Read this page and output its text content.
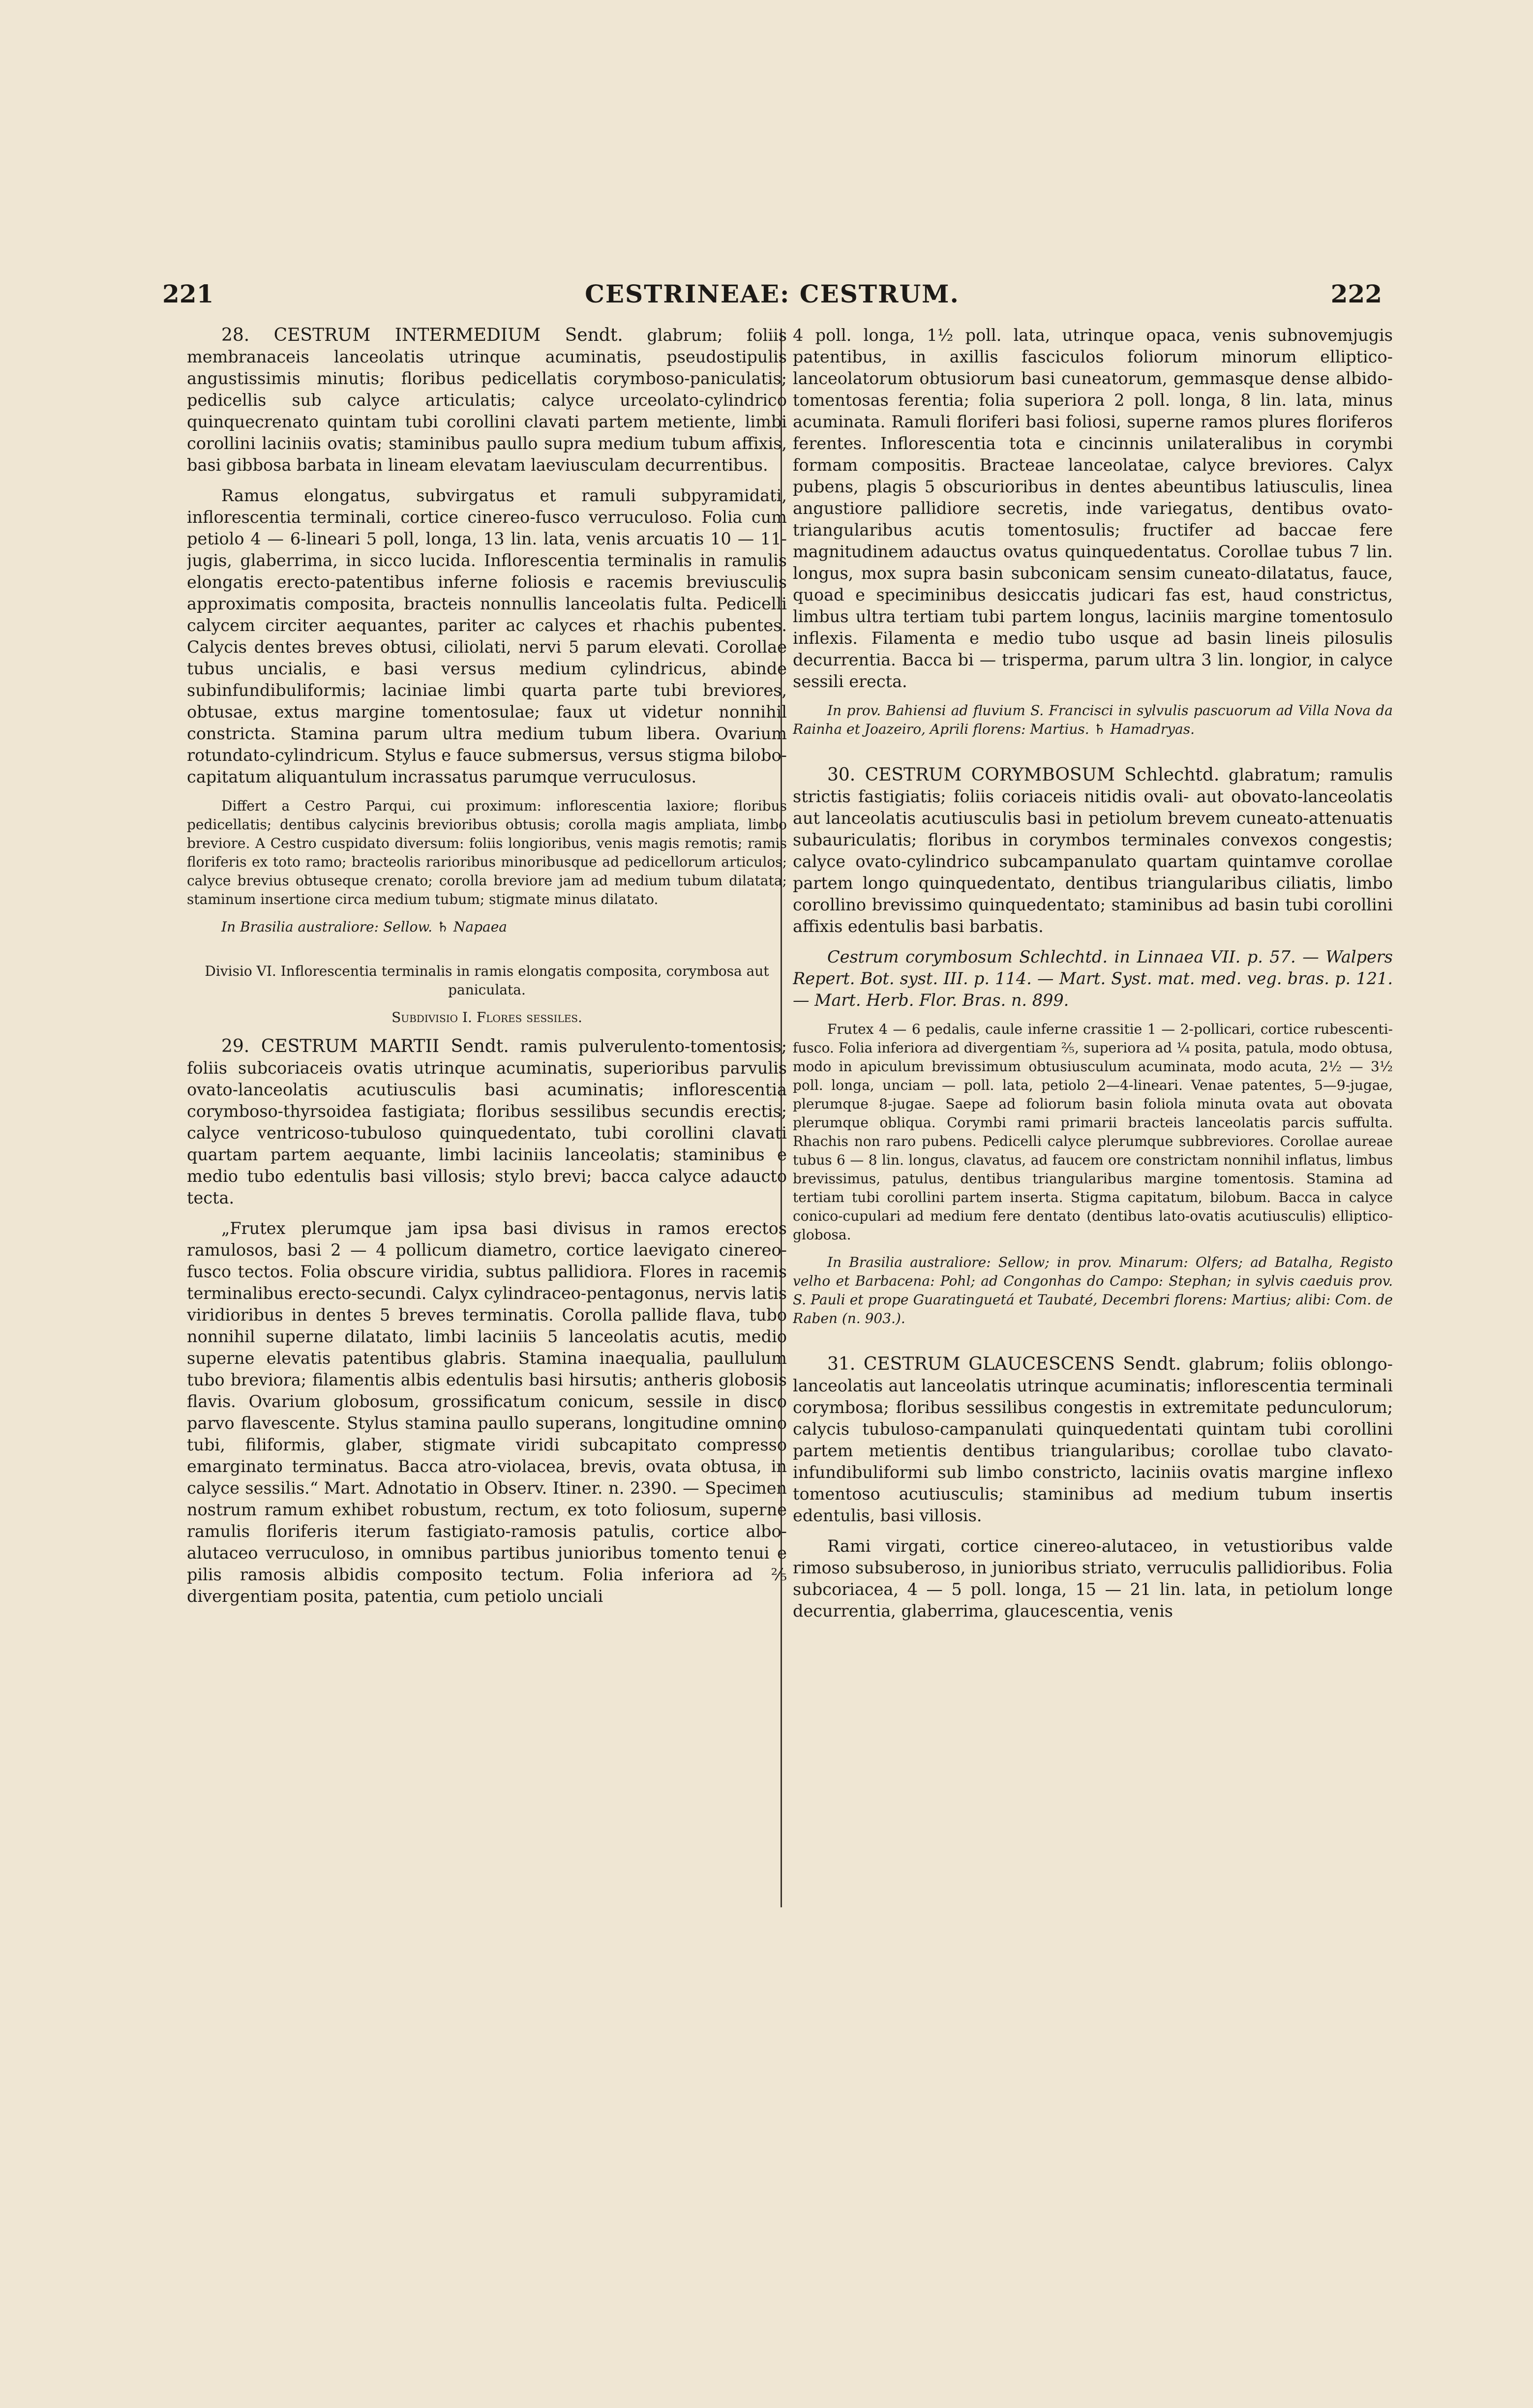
221	CESTRINEAE: CESTRUM.	222

28. CESTRUM INTERMEDIUM Sendt. glabrum; foliis membranaceis lanceolatis utrinque acuminatis, pseudostipulis angustissimis minutis; floribus pedicellatis corymboso-paniculatis; pedicellis sub calyce articulatis; calyce urceolato-cylindrico quinquecrenato quintam tubi corollini clavati partem metiente, limbi corollini laciniis ovatis; staminibus paullo supra medium tubum affixis, basi gibbosa barbata in lineam elevatam laeviusculam decurrentibus.

Ramus elongatus, subvirgatus et ramuli subpyramidati, inflorescentia terminali, cortice cinereo-fusco verruculoso. Folia cum petiolo 4 — 6-lineari 5 poll, longa, 13 lin. lata, venis arcuatis 10 — 11-jugis, glaberrima, in sicco lucida. Inflorescentia terminalis in ramulis elongatis erecto-patentibus inferne foliosis e racemis breviusculis approximatis composita, bracteis nonnullis lanceolatis fulta. Pedicelli calycem circiter aequantes, pariter ac calyces et rhachis pubentes. Calycis dentes breves obtusi, ciliolati, nervi 5 parum elevati. Corollae tubus uncialis, e basi versus medium cylindricus, abinde subinfundibuliformis; laciniae limbi quarta parte tubi breviores, obtusae, extus margine tomentosulae; faux ut videtur nonnihil constricta. Stamina parum ultra medium tubum libera. Ovarium rotundato-cylindricum. Stylus e fauce submersus, versus stigma bilobo-capitatum aliquantulum incrassatus parumque verruculosus.

Differt a Cestro Parqui, cui proximum: inflorescentia laxiore; floribus pedicellatis; dentibus calycinis brevioribus obtusis; corolla magis ampliata, limbo breviore. A Cestro cuspidato diversum: foliis longioribus, venis magis remotis; ramis floriferis ex toto ramo; bracteolis rarioribus minoribusque ad pedicellorum articulos; calyce brevius obtuseque crenato; corolla breviore jam ad medium tubum dilatata; staminum insertione circa medium tubum; stigmate minus dilatato.

In Brasilia australiore: Sellow. ♄ Napaea

Divisio VI. Inflorescentia terminalis in ramis elongatis composita, corymbosa aut paniculata.

Subdivisio I. Flores sessiles.

29. CESTRUM MARTII Sendt. ramis pulverulento-tomentosis; foliis subcoriaceis ovatis utrinque acuminatis, superioribus parvulis ovato-lanceolatis acutiusculis basi acuminatis; inflorescentia corymboso-thyrsoidea fastigiata; floribus sessilibus secundis erectis; calyce ventricoso-tubuloso quinquedentato, tubi corollini clavati quartam partem aequante, limbi laciniis lanceolatis; staminibus e medio tubo edentulis basi villosis; stylo brevi; bacca calyce adaucto tecta.

„Frutex plerumque jam ipsa basi divisus in ramos erectos ramulosos, basi 2 — 4 pollicum diametro, cortice laevigato cinereo-fusco tectos. Folia obscure viridia, subtus pallidiora. Flores in racemis terminalibus erecto-secundi. Calyx cylindraceo-pentagonus, nervis latis viridioribus in dentes 5 breves terminatis. Corolla pallide flava, tubo nonnihil superne dilatato, limbi laciniis 5 lanceolatis acutis, medio superne elevatis patentibus glabris. Stamina inaequalia, paullulum tubo breviora; filamentis albis edentulis basi hirsutis; antheris globosis flavis. Ovarium globosum, grossificatum conicum, sessile in disco parvo flavescente. Stylus stamina paullo superans, longitudine omnino tubi, filiformis, glaber, stigmate viridi subcapitato compresso emarginato terminatus. Bacca atro-violacea, brevis, ovata obtusa, in calyce sessilis.“ Mart. Adnotatio in Observ. Itiner. n. 2390. — Specimen nostrum ramum exhibet robustum, rectum, ex toto foliosum, superne ramulis floriferis iterum fastigiato-ramosis patulis, cortice albo-alutaceo verruculoso, in omnibus partibus junioribus tomento tenui e pilis ramosis albidis composito tectum. Folia inferiora ad ⅖ divergentiam posita, patentia, cum petiolo unciali

4 poll. longa, 1½ poll. lata, utrinque opaca, venis subnovemjugis patentibus, in axillis fasciculos foliorum minorum elliptico-lanceolatorum obtusiorum basi cuneatorum, gemmasque dense albido-tomentosas ferentia; folia superiora 2 poll. longa, 8 lin. lata, minus acuminata. Ramuli floriferi basi foliosi, superne ramos plures floriferos ferentes. Inflorescentia tota e cincinnis unilateralibus in corymbi formam compositis. Bracteae lanceolatae, calyce breviores. Calyx pubens, plagis 5 obscurioribus in dentes abeuntibus latiusculis, linea angustiore pallidiore secretis, inde variegatus, dentibus ovato-triangularibus acutis tomentosulis; fructifer ad baccae fere magnitudinem adauctus ovatus quinquedentatus. Corollae tubus 7 lin. longus, mox supra basin subconicam sensim cuneato-dilatatus, fauce, quoad e speciminibus desiccatis judicari fas est, haud constrictus, limbus ultra tertiam tubi partem longus, laciniis margine tomentosulo inflexis. Filamenta e medio tubo usque ad basin lineis pilosulis decurrentia. Bacca bi — trisperma, parum ultra 3 lin. longior, in calyce sessili erecta.

In prov. Bahiensi ad fluvium S. Francisci in sylvulis pascuorum ad Villa Nova da Rainha et Joazeiro, Aprili florens: Martius. ♄ Hamadryas.

30. CESTRUM CORYMBOSUM Schlechtd. glabratum; ramulis strictis fastigiatis; foliis coriaceis nitidis ovali- aut obovato-lanceolatis aut lanceolatis acutiusculis basi in petiolum brevem cuneato-attenuatis subauriculatis; floribus in corymbos terminales convexos congestis; calyce ovato-cylindrico subcampanulato quartam quintamve corollae partem longo quinquedentato, dentibus triangularibus ciliatis, limbo corollino brevissimo quinquedentato; staminibus ad basin tubi corollini affixis edentulis basi barbatis.

Cestrum corymbosum Schlechtd. in Linnaea VII. p. 57. — Walpers Repert. Bot. syst. III. p. 114. — Mart. Syst. mat. med. veg. bras. p. 121. — Mart. Herb. Flor. Bras. n. 899.

Frutex 4 — 6 pedalis, caule inferne crassitie 1 — 2-pollicari, cortice rubescenti-fusco. Folia inferiora ad divergentiam ⅖, superiora ad ¼ posita, patula, modo obtusa, modo in apiculum brevissimum obtusiusculum acuminata, modo acuta, 2½ — 3½ poll. longa, unciam — poll. lata, petiolo 2—4-lineari. Venae patentes, 5—9-jugae, plerumque 8-jugae. Saepe ad foliorum basin foliola minuta ovata aut obovata plerumque obliqua. Corymbi rami primarii bracteis lanceolatis parcis suffulta. Rhachis non raro pubens. Pedicelli calyce plerumque subbreviores. Corollae aureae tubus 6 — 8 lin. longus, clavatus, ad faucem ore constrictam nonnihil inflatus, limbus brevissimus, patulus, dentibus triangularibus margine tomentosis. Stamina ad tertiam tubi corollini partem inserta. Stigma capitatum, bilobum. Bacca in calyce conico-cupulari ad medium fere dentato (dentibus lato-ovatis acutiusculis) elliptico-globosa.

In Brasilia australiore: Sellow; in prov. Minarum: Olfers; ad Batalha, Registo velho et Barbacena: Pohl; ad Congonhas do Campo: Stephan; in sylvis caeduis prov. S. Pauli et prope Guaratinguetá et Taubaté, Decembri florens: Martius; alibi: Com. de Raben (n. 903.).

31. CESTRUM GLAUCESCENS Sendt. glabrum; foliis oblongo-lanceolatis aut lanceolatis utrinque acuminatis; inflorescentia terminali corymbosa; floribus sessilibus congestis in extremitate pedunculorum; calycis tubuloso-campanulati quinquedentati quintam tubi corollini partem metientis dentibus triangularibus; corollae tubo clavato-infundibuliformi sub limbo constricto, laciniis ovatis margine inflexo tomentoso acutiusculis; staminibus ad medium tubum insertis edentulis, basi villosis.

Rami virgati, cortice cinereo-alutaceo, in vetustioribus valde rimoso subsuberoso, in junioribus striato, verruculis pallidioribus. Folia subcoriacea, 4 — 5 poll. longa, 15 — 21 lin. lata, in petiolum longe decurrentia, glaberrima, glaucescentia, venis
